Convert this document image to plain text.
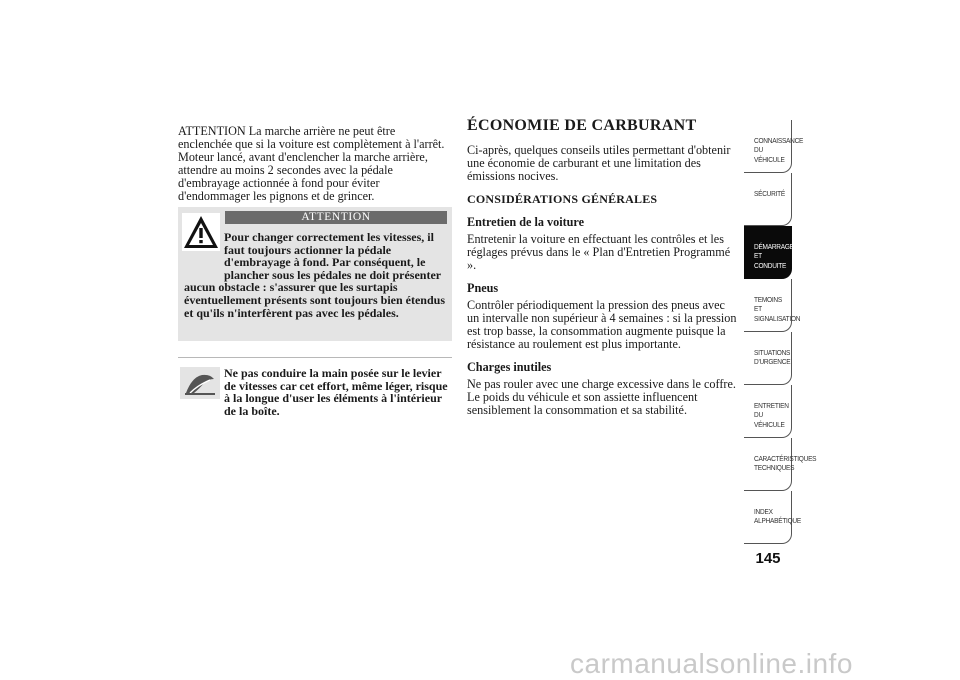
ATTENTION La marche arrière ne peut être enclenchée que si la voiture est complètement à l'arrêt. Moteur lancé, avant d'enclencher la marche arrière, attendre au moins 2 secondes avec la pédale d'embrayage actionnée à fond pour éviter d'endommager les pignons et de grincer.

ATTENTION

Pour changer correctement les vitesses, il faut toujours actionner la pédale d'embrayage à fond. Par conséquent, le plancher sous les pédales ne doit présenter aucun obstacle : s'assurer que les surtapis éventuellement présents sont toujours bien étendus et qu'ils n'interfèrent pas avec les pédales.

Ne pas conduire la main posée sur le levier de vitesses car cet effort, même léger, risque à la longue d'user les éléments à l'intérieur de la boîte.

ÉCONOMIE DE CARBURANT

Ci-après, quelques conseils utiles permettant d'obtenir une économie de carburant et une limitation des émissions nocives.

CONSIDÉRATIONS GÉNÉRALES
Entretien de la voiture

Entretenir la voiture en effectuant les contrôles et les réglages prévus dans le « Plan d'Entretien Programmé ».

Pneus

Contrôler périodiquement la pression des pneus avec un intervalle non supérieur à 4 semaines : si la pression est trop basse, la consommation augmente puisque la résistance au roulement est plus importante.

Charges inutiles

Ne pas rouler avec une charge excessive dans le coffre. Le poids du véhicule et son assiette influencent sensiblement la consommation et sa stabilité.

CONNAISSANCE DU VÉHICULE
SÉCURITÉ
DÉMARRAGE ET CONDUITE
TEMOINS ET SIGNALISATION
SITUATIONS D'URGENCE
ENTRETIEN DU VÉHICULE
CARACTÉRISTIQUES TECHNIQUES
INDEX ALPHABÉTIQUE
145
carmanualsonline.info
